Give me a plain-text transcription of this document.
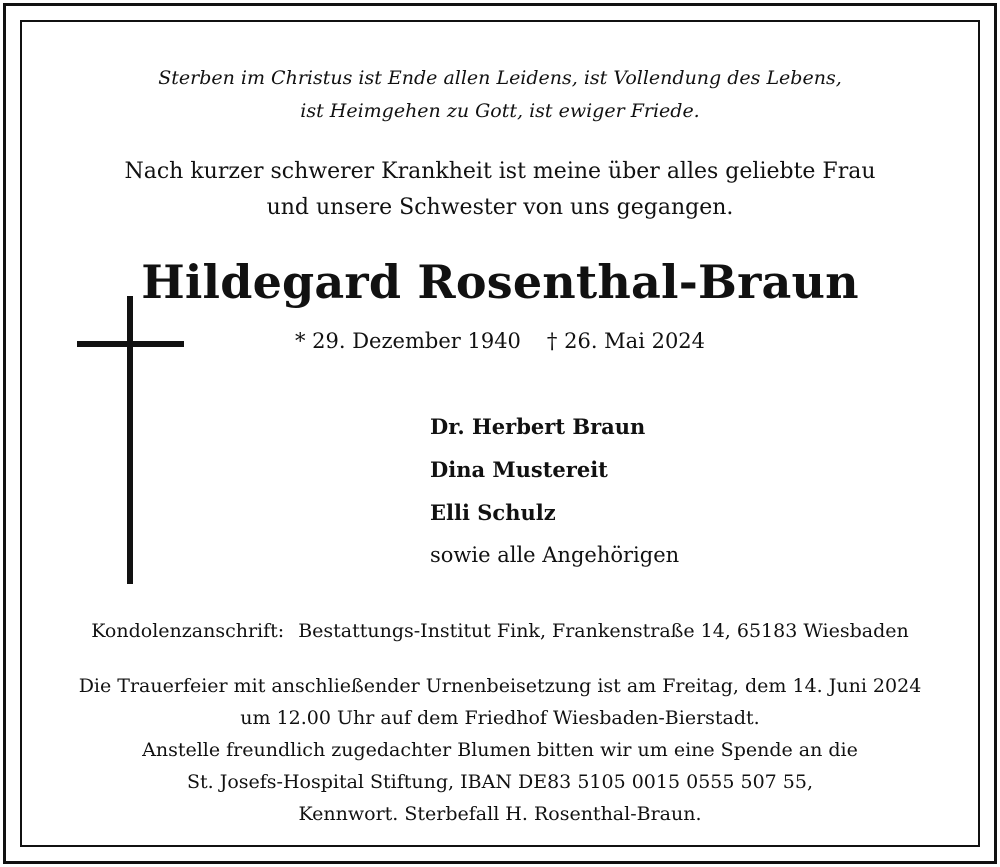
Sterben im Christus ist Ende allen Leidens, ist Vollendung des Lebens,
ist Heimgehen zu Gott, ist ewiger Friede.
Nach kurzer schwerer Krankheit ist meine über alles geliebte Frau
und unsere Schwester von uns gegangen.
Hildegard Rosenthal-Braun
* 29. Dezember 1940 † 26. Mai 2024
Dr. Herbert Braun
Dina Mustereit
Elli Schulz
sowie alle Angehörigen
Kondolenzanschrift: Bestattungs-Institut Fink, Frankenstraße 14, 65183 Wiesbaden
Die Trauerfeier mit anschließender Urnenbeisetzung ist am Freitag, dem 14. Juni 2024
um 12.00 Uhr auf dem Friedhof Wiesbaden-Bierstadt.
Anstelle freundlich zugedachter Blumen bitten wir um eine Spende an die
St. Josefs-Hospital Stiftung, IBAN DE83 5105 0015 0555 507 55,
Kennwort. Sterbefall H. Rosenthal-Braun.
